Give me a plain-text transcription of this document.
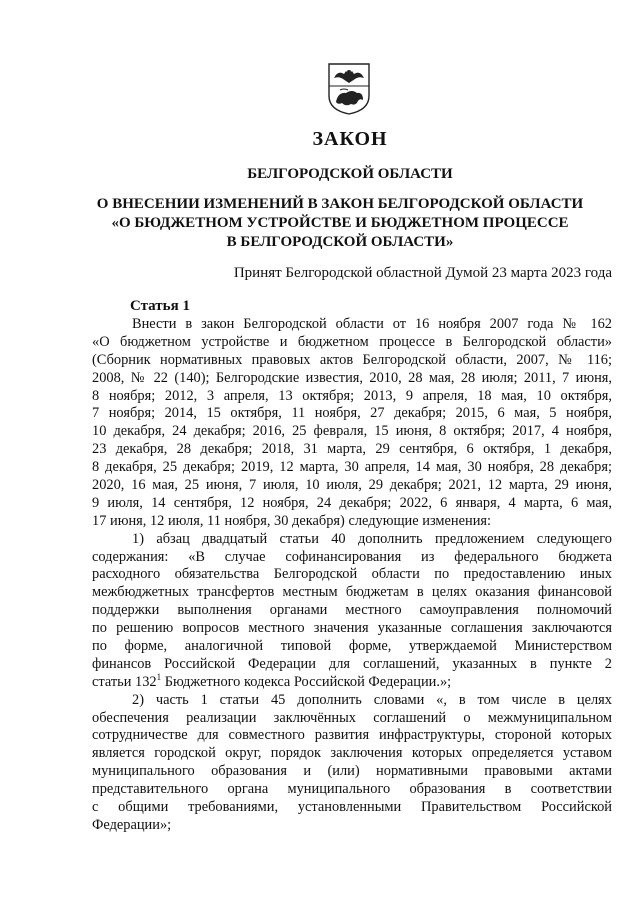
ЗАКОН
БЕЛГОРОДСКОЙ ОБЛАСТИ
О ВНЕСЕНИИ ИЗМЕНЕНИЙ В ЗАКОН БЕЛГОРОДСКОЙ ОБЛАСТИ
«О БЮДЖЕТНОМ УСТРОЙСТВЕ И БЮДЖЕТНОМ ПРОЦЕССЕ
В БЕЛГОРОДСКОЙ ОБЛАСТИ»
Принят Белгородской областной Думой 23 марта 2023 года
Статья 1
Внести в закон Белгородской области от 16 ноября 2007 года № 162
«О бюджетном устройстве и бюджетном процессе в Белгородской области»
(Сборник нормативных правовых актов Белгородской области, 2007, № 116;
2008, № 22 (140); Белгородские известия, 2010, 28 мая, 28 июля; 2011, 7 июня,
8 ноября; 2012, 3 апреля, 13 октября; 2013, 9 апреля, 18 мая, 10 октября,
7 ноября; 2014, 15 октября, 11 ноября, 27 декабря; 2015, 6 мая, 5 ноября,
10 декабря, 24 декабря; 2016, 25 февраля, 15 июня, 8 октября; 2017, 4 ноября,
23 декабря, 28 декабря; 2018, 31 марта, 29 сентября, 6 октября, 1 декабря,
8 декабря, 25 декабря; 2019, 12 марта, 30 апреля, 14 мая, 30 ноября, 28 декабря;
2020, 16 мая, 25 июня, 7 июля, 10 июля, 29 декабря; 2021, 12 марта, 29 июня,
9 июля, 14 сентября, 12 ноября, 24 декабря; 2022, 6 января, 4 марта, 6 мая,
17 июня, 12 июля, 11 ноября, 30 декабря) следующие изменения:
1) абзац двадцатый статьи 40 дополнить предложением следующего
содержания: «В случае софинансирования из федерального бюджета
расходного обязательства Белгородской области по предоставлению иных
межбюджетных трансфертов местным бюджетам в целях оказания финансовой
поддержки выполнения органами местного самоуправления полномочий
по решению вопросов местного значения указанные соглашения заключаются
по форме, аналогичной типовой форме, утверждаемой Министерством
финансов Российской Федерации для соглашений, указанных в пункте 2
статьи $132^1$ Бюджетного кодекса Российской Федерации.»;
2) часть 1 статьи 45 дополнить словами «, в том числе в целях
обеспечения реализации заключённых соглашений о межмуниципальном
сотрудничестве для совместного развития инфраструктуры, стороной которых
является городской округ, порядок заключения которых определяется уставом
муниципального образования и (или) нормативными правовыми актами
представительного органа муниципального образования в соответствии
с общими требованиями, установленными Правительством Российской
Федерации»;
